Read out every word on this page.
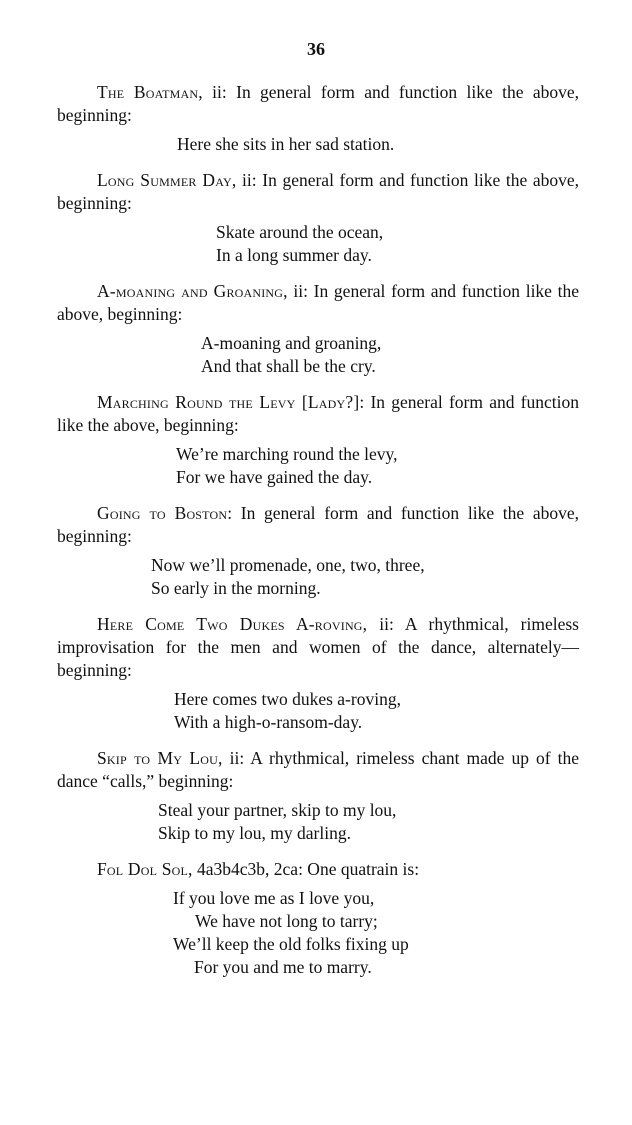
36

The Boatman, ii: In general form and function like the above, beginning:

Here she sits in her sad station.

Long Summer Day, ii: In general form and function like the above, beginning:

Skate around the ocean,
In a long summer day.

A-moaning and Groaning, ii: In general form and function like the above, beginning:

A-moaning and groaning,
And that shall be the cry.

Marching Round the Levy [Lady?]: In general form and function like the above, beginning:

We’re marching round the levy,
For we have gained the day.

Going to Boston: In general form and function like the above, beginning:

Now we’ll promenade, one, two, three,
So early in the morning.

Here Come Two Dukes A-roving, ii: A rhythmical, rimeless improvisation for the men and women of the dance, alternately—beginning:

Here comes two dukes a-roving,
With a high-o-ransom-day.

Skip to My Lou, ii: A rhythmical, rimeless chant made up of the dance “calls,” beginning:

Steal your partner, skip to my lou,
Skip to my lou, my darling.

Fol Dol Sol, 4a3b4c3b, 2ca: One quatrain is:

If you love me as I love you,
We have not long to tarry;
We’ll keep the old folks fixing up
For you and me to marry.
